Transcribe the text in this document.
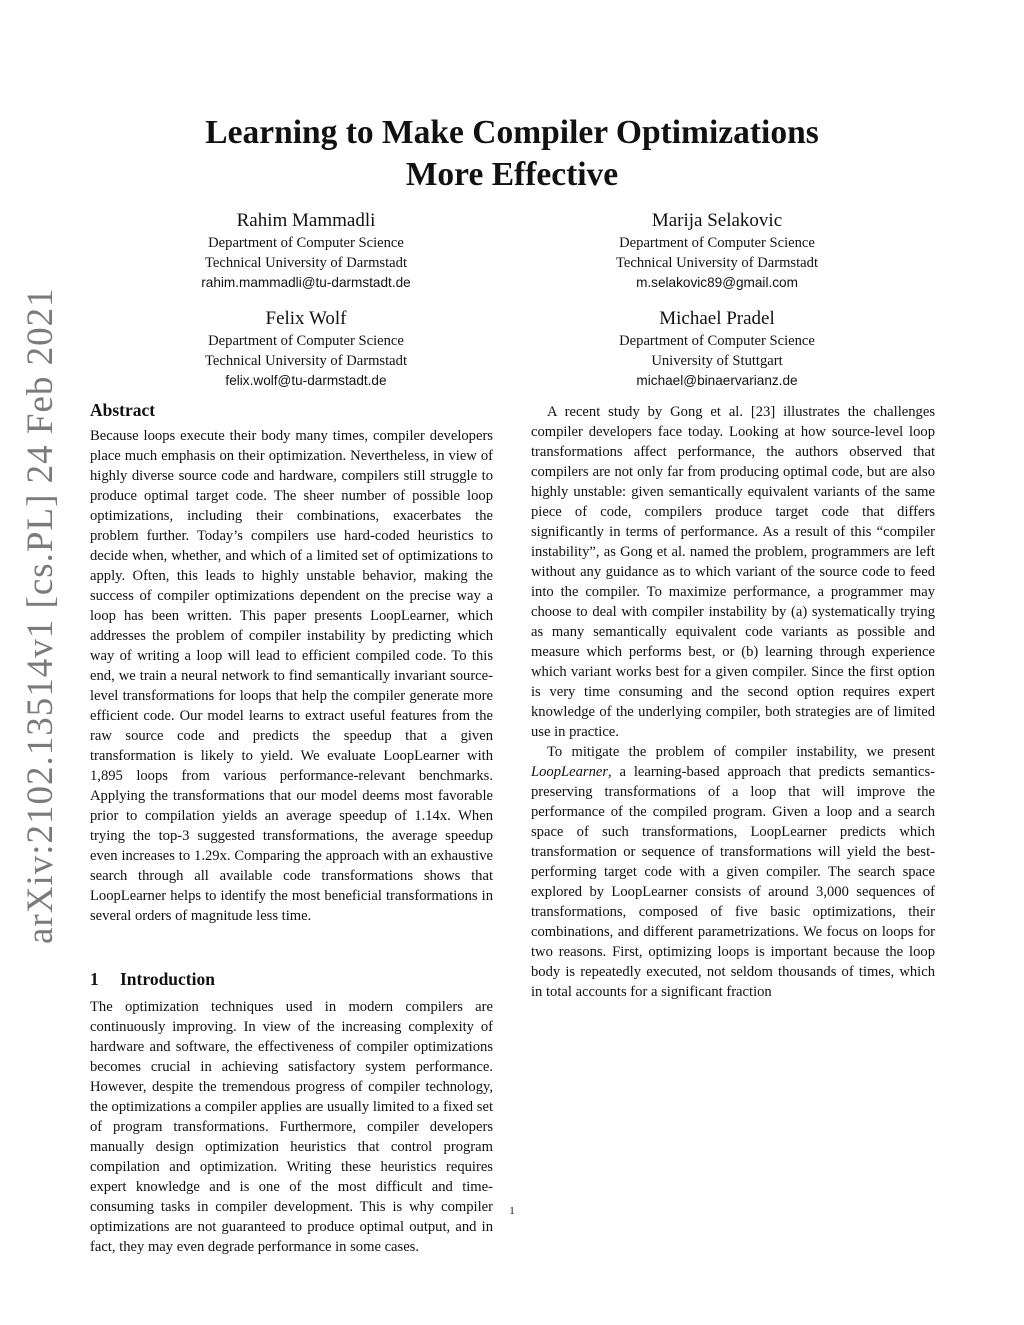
arXiv:2102.13514v1 [cs.PL] 24 Feb 2021
Learning to Make Compiler Optimizations
More Effective
Rahim Mammadli
Department of Computer Science
Technical University of Darmstadt
rahim.mammadli@tu-darmstadt.de
Marija Selakovic
Department of Computer Science
Technical University of Darmstadt
m.selakovic89@gmail.com
Felix Wolf
Department of Computer Science
Technical University of Darmstadt
felix.wolf@tu-darmstadt.de
Michael Pradel
Department of Computer Science
University of Stuttgart
michael@binaervarianz.de
Abstract

Because loops execute their body many times, compiler developers place much emphasis on their optimization. Nevertheless, in view of highly diverse source code and hardware, compilers still struggle to produce optimal target code. The sheer number of possible loop optimizations, including their combinations, exacerbates the problem further. Today’s compilers use hard-coded heuristics to decide when, whether, and which of a limited set of optimizations to apply. Often, this leads to highly unstable behavior, making the success of compiler optimizations dependent on the precise way a loop has been written. This paper presents LoopLearner, which addresses the problem of compiler instability by predicting which way of writing a loop will lead to efficient compiled code. To this end, we train a neural network to find semantically invariant source-level transformations for loops that help the compiler generate more efficient code. Our model learns to extract useful features from the raw source code and predicts the speedup that a given transformation is likely to yield. We evaluate LoopLearner with 1,895 loops from various performance-relevant benchmarks. Applying the transformations that our model deems most favorable prior to compilation yields an average speedup of 1.14x. When trying the top-3 suggested transformations, the average speedup even increases to 1.29x. Comparing the approach with an exhaustive search through all available code transformations shows that LoopLearner helps to identify the most beneficial transformations in several orders of magnitude less time.

1 Introduction

The optimization techniques used in modern compilers are continuously improving. In view of the increasing complexity of hardware and software, the effectiveness of compiler optimizations becomes crucial in achieving satisfactory system performance. However, despite the tremendous progress of compiler technology, the optimizations a compiler applies are usually limited to a fixed set of program transformations. Furthermore, compiler developers manually design optimization heuristics that control program compilation and optimization. Writing these heuristics requires expert knowledge and is one of the most difficult and time-consuming tasks in compiler development. This is why compiler optimizations are not guaranteed to produce optimal output, and in fact, they may even degrade performance in some cases.

A recent study by Gong et al. [23] illustrates the challenges compiler developers face today. Looking at how source-level loop transformations affect performance, the authors observed that compilers are not only far from producing optimal code, but are also highly unstable: given semantically equivalent variants of the same piece of code, compilers produce target code that differs significantly in terms of performance. As a result of this “compiler instability”, as Gong et al. named the problem, programmers are left without any guidance as to which variant of the source code to feed into the compiler. To maximize performance, a programmer may choose to deal with compiler instability by (a) systematically trying as many semantically equivalent code variants as possible and measure which performs best, or (b) learning through experience which variant works best for a given compiler. Since the first option is very time consuming and the second option requires expert knowledge of the underlying compiler, both strategies are of limited use in practice.

To mitigate the problem of compiler instability, we present LoopLearner, a learning-based approach that predicts semantics-preserving transformations of a loop that will improve the performance of the compiled program. Given a loop and a search space of such transformations, LoopLearner predicts which transformation or sequence of transformations will yield the best-performing target code with a given compiler. The search space explored by LoopLearner consists of around 3,000 sequences of transformations, composed of five basic optimizations, their combinations, and different parametrizations. We focus on loops for two reasons. First, optimizing loops is important because the loop body is repeatedly executed, not seldom thousands of times, which in total accounts for a significant fraction

1
